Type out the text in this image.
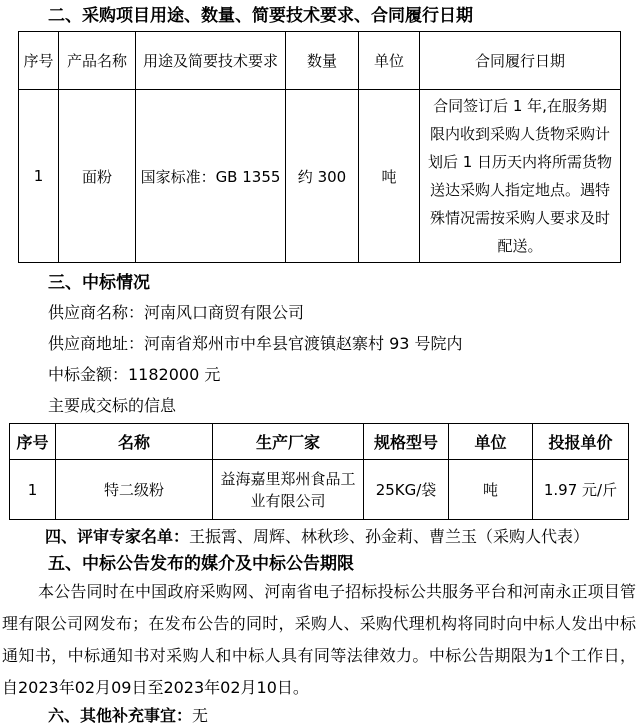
二、采购项目用途、数量、简要技术要求、合同履行日期
序号	产品名称	用途及简要技术要求	数量	单位	合同履行日期
1	面粉	国家标准：GB 1355	约 300	吨	合同签订后 1 年,在服务期限内收到采购人货物采购计划后 1 日历天内将所需货物送达采购人指定地点。遇特殊情况需按采购人要求及时配送。
三、中标情况
供应商名称：河南风口商贸有限公司
供应商地址：河南省郑州市中牟县官渡镇赵寨村 93 号院内
中标金额：1182000 元
主要成交标的信息
序号	名称	生产厂家	规格型号	单位	投报单价
1	特二级粉	益海嘉里郑州食品工业有限公司	25KG/袋	吨	1.97 元/斤
四、评审专家名单：王振霄、周辉、林秋珍、孙金莉、曹兰玉（采购人代表）
五、中标公告发布的媒介及中标公告期限
本公告同时在中国政府采购网、河南省电子招标投标公共服务平台和河南永正项目管理有限公司网发布；在发布公告的同时，采购人、采购代理机构将同时向中标人发出中标通知书，中标通知书对采购人和中标人具有同等法律效力。中标公告期限为1个工作日，自2023年02月09日至2023年02月10日。
六、其他补充事宜：无
